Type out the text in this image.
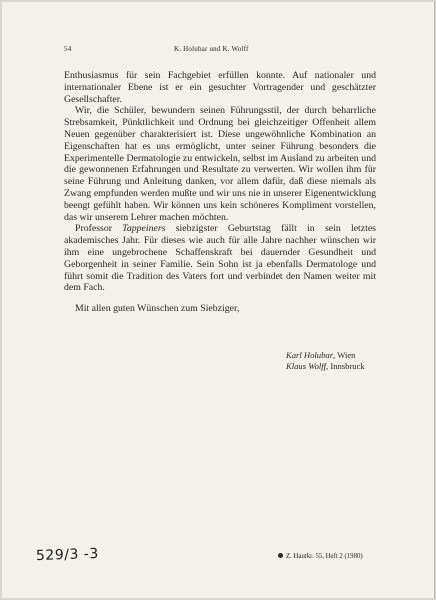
54	K. Holubar und K. Wolff

Enthusiasmus für sein Fachgebiet erfüllen konnte. Auf nationaler und internationaler Ebene ist er ein gesuchter Vortragender und geschätzter Gesellschafter.

Wir, die Schüler, bewundern seinen Führungsstil, der durch beharrliche Strebsamkeit, Pünktlichkeit und Ordnung bei gleichzeitiger Offenheit allem Neuen gegenüber charakterisiert ist. Diese ungewöhnliche Kombination an Eigenschaften hat es uns ermöglicht, unter seiner Führung besonders die Experimentelle Dermatologie zu entwickeln, selbst im Ausland zu arbeiten und die gewonnenen Erfahrungen und Resultate zu verwerten. Wir wollen ihm für seine Führung und Anleitung danken, vor allem dafür, daß diese niemals als Zwang empfunden werden mußte und wir uns nie in unserer Eigenentwicklung beengt gefühlt haben. Wir können uns kein schöneres Kompliment vorstellen, das wir unserem Lehrer machen möchten.

Professor Tappeiners siebzigster Geburtstag fällt in sein letztes akademisches Jahr. Für dieses wie auch für alle Jahre nachher wünschen wir ihm eine ungebrochene Schaffenskraft bei dauernder Gesundheit und Geborgenheit in seiner Familie. Sein Sohn ist ja ebenfalls Dermatologe und führt somit die Tradition des Vaters fort und verbindet den Namen weiter mit dem Fach.

Mit allen guten Wünschen zum Siebziger,

Karl Holubar, Wien
Klaus Wolff, Innsbruck
529/3 -3	Z. Hautkr. 55, Heft 2 (1980)
